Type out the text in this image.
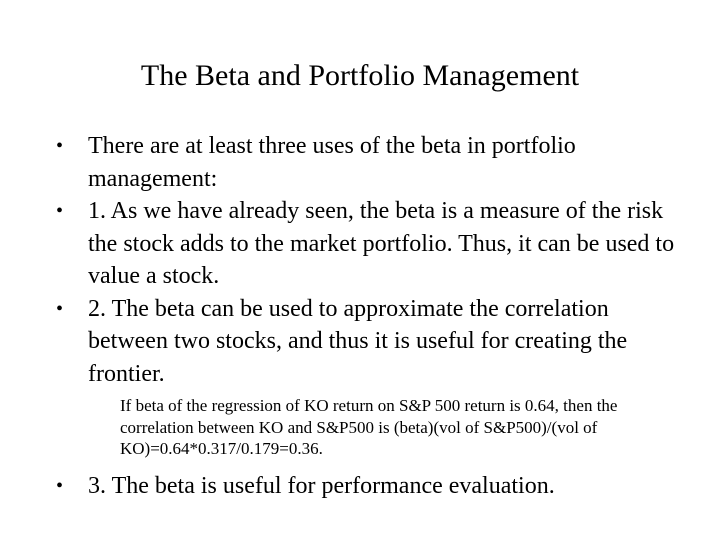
The Beta and Portfolio Management
•	There are at least three uses of the beta in portfolio management:
•	1. As we have already seen, the beta is a measure of the risk the stock adds to the market portfolio. Thus, it can be used to value a stock.
•	2. The beta can be used to approximate the correlation between two stocks, and thus it is useful for creating the frontier.
If beta of the regression of KO return on S&P 500 return is 0.64, then the correlation between KO and S&P500 is (beta)(vol of S&P500)/(vol of KO)=0.64*0.317/0.179=0.36.
•	3. The beta is useful for performance evaluation.
